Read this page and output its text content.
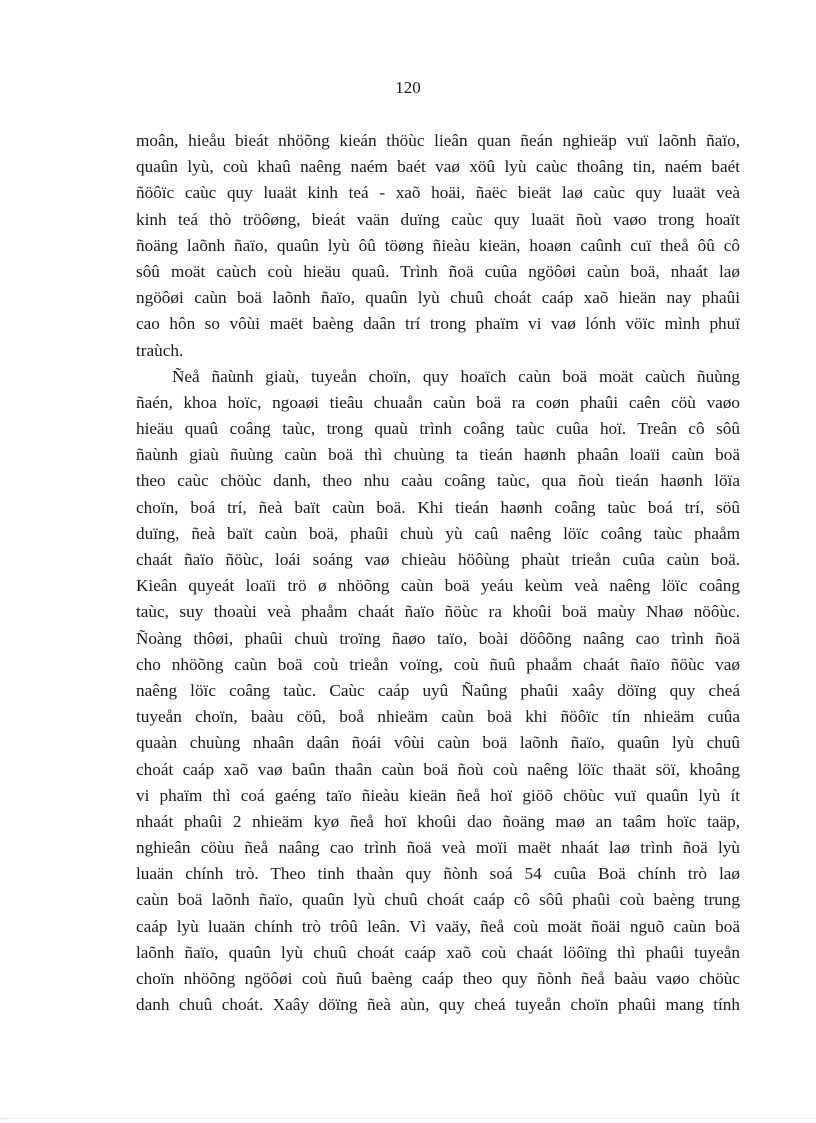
120
moân, hieåu bieát nhöõng kieán thöùc lieân quan ñeán nghieäp vuï laõnh ñaïo,
quaûn lyù, coù khaû naêng naém baét vaø xöû lyù caùc thoâng tin, naém baét
ñöôïc caùc quy luaät kinh teá - xaõ hoäi, ñaëc bieät laø caùc quy luaät veà
kinh teá thò tröôøng, bieát vaän duïng caùc quy luaät ñoù vaøo trong hoaït
ñoäng laõnh ñaïo, quaûn lyù ôû töøng ñieàu kieän, hoaøn caûnh cuï theå ôû cô
sôû moät caùch coù hieäu quaû. Trình ñoä cuûa ngöôøi caùn boä, nhaát laø
ngöôøi caùn boä laõnh ñaïo, quaûn lyù chuû choát caáp xaõ hieän nay phaûi
cao hôn so vôùi maët baèng daân trí trong phaïm vi vaø lónh vöïc mình phuï
traùch.
Ñeå ñaùnh giaù, tuyeån choïn, quy hoaïch caùn boä moät caùch ñuùng
ñaén, khoa hoïc, ngoaøi tieâu chuaån caùn boä ra coøn phaûi caên cöù vaøo
hieäu quaû coâng taùc, trong quaù trình coâng taùc cuûa hoï. Treân cô sôû
ñaùnh giaù ñuùng caùn boä thì chuùng ta tieán haønh phaân loaïi caùn boä
theo caùc chöùc danh, theo nhu caàu coâng taùc, qua ñoù tieán haønh löïa
choïn, boá trí, ñeà baït caùn boä. Khi tieán haønh coâng taùc boá trí, söû
duïng, ñeà baït caùn boä, phaûi chuù yù caû naêng löïc coâng taùc phaåm
chaát ñaïo ñöùc, loái soáng vaø chieàu höôùng phaùt trieån cuûa caùn boä.
Kieân quyeát loaïi trö ø nhöõng caùn boä yeáu keùm veà naêng löïc coâng
taùc, suy thoaùi veà phaåm chaát ñaïo ñöùc ra khoûi boä maùy Nhaø nöôùc.
Ñoàng thôøi, phaûi chuù troïng ñaøo taïo, boài döôõng naâng cao trình ñoä
cho nhöõng caùn boä coù trieån voïng, coù ñuû phaåm chaát ñaïo ñöùc vaø
naêng löïc coâng taùc. Caùc caáp uyû Ñaûng phaûi xaây döïng quy cheá
tuyeån choïn, baàu cöû, boå nhieäm caùn boä khi ñöôïc tín nhieäm cuûa
quaàn chuùng nhaân daân ñoái vôùi caùn boä laõnh ñaïo, quaûn lyù chuû
choát caáp xaõ vaø baûn thaân caùn boä ñoù coù naêng löïc thaät söï, khoâng
vi phaïm thì coá gaéng taïo ñieàu kieän ñeå hoï giöõ chöùc vuï quaûn lyù ít
nhaát phaûi 2 nhieäm kyø ñeå hoï khoûi dao ñoäng maø an taâm hoïc taäp,
nghieân cöùu ñeå naâng cao trình ñoä veà moïi maët nhaát laø trình ñoä lyù
luaän chính trò. Theo tinh thaàn quy ñònh soá 54 cuûa Boä chính trò laø
caùn boä laõnh ñaïo, quaûn lyù chuû choát caáp cô sôû phaûi coù baèng trung
caáp lyù luaän chính trò trôû leân. Vì vaäy, ñeå coù moät ñoäi nguõ caùn boä
laõnh ñaïo, quaûn lyù chuû choát caáp xaõ coù chaát löôïng thì phaûi tuyeån
choïn nhöõng ngöôøi coù ñuû baèng caáp theo quy ñònh ñeå baàu vaøo chöùc
danh chuû choát. Xaây döïng ñeà aùn, quy cheá tuyeån choïn phaûi mang tính
